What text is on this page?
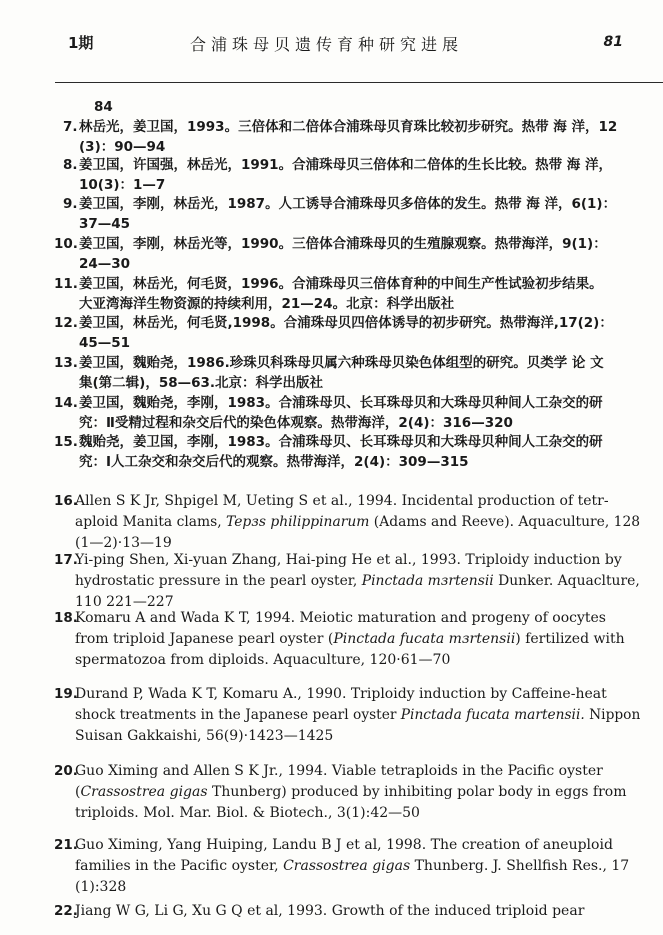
1期	合浦珠母贝遗传育种研究进展	81
84
7. 林岳光，姜卫国，1993。三倍体和二倍体合浦珠母贝育珠比较初步研究。热带 海 洋，12
(3)：90—94
8. 姜卫国，许国强，林岳光，1991。合浦珠母贝三倍体和二倍体的生长比较。热带 海 洋，
10(3)：1—7
9. 姜卫国，李刚，林岳光，1987。人工诱导合浦珠母贝多倍体的发生。热带 海 洋，6(1)：
37—45
10. 姜卫国，李刚，林岳光等，1990。三倍体合浦珠母贝的生殖腺观察。热带海洋，9(1)：
24—30
11. 姜卫国，林岳光，何毛贤，1996。合浦珠母贝三倍体育种的中间生产性试验初步结果。
大亚湾海洋生物资源的持续利用，21—24。北京：科学出版社
12. 姜卫国，林岳光，何毛贤,1998。合浦珠母贝四倍体诱导的初步研究。热带海洋,17(2)：
45—51
13. 姜卫国，魏贻尧，1986.珍珠贝科珠母贝属六种珠母贝染色体组型的研究。贝类学 论 文
集(第二辑)，58—63.北京：科学出版社
14. 姜卫国，魏贻尧，李刚，1983。合浦珠母贝、长耳珠母贝和大珠母贝种间人工杂交的研
究：Ⅱ受精过程和杂交后代的染色体观察。热带海洋，2(4)：316—320
15. 魏贻尧，姜卫国，李刚，1983。合浦珠母贝、长耳珠母贝和大珠母贝种间人工杂交的研
究：Ⅰ人工杂交和杂交后代的观察。热带海洋，2(4)：309—315
16.
Allen S K Jr, Shpigel M, Ueting S et al., 1994. Incidental production of tetr-
aploid Manita clams, Tepзs philippinarum (Adams and Reeve). Aquaculture, 128
(1—2)·13—19
17.
Yi-ping Shen, Xi-yuan Zhang, Hai-ping He et al., 1993. Triploidy induction by
hydrostatic pressure in the pearl oyster, Pinctada mзrtensii Dunker. Aquaclture,
110 221—227
18.
Komaru A and Wada K T, 1994. Meiotic maturation and progeny of oocytes
from triploid Japanese pearl oyster (Pinctada fucata mзrtensii) fertilized with
spermatozoa from diploids. Aquaculture, 120·61—70
19.
Durand P, Wada K T, Komaru A., 1990. Triploidy induction by Caffeine-heat
shock treatments in the Japanese pearl oyster Pinctada fucata martensii. Nippon
Suisan Gakkaishi, 56(9)·1423—1425
20.
Guo Ximing and Allen S K Jr., 1994. Viable tetraploids in the Pacific oyster
(Crassostrea gigas Thunberg) produced by inhibiting polar body in eggs from
triploids. Mol. Mar. Biol. & Biotech., 3(1):42—50
21.
Guo Ximing, Yang Huiping, Landu B J et al, 1998. The creation of aneuploid
families in the Pacific oyster, Crassostrea gigas Thunberg. J. Shellfish Res., 17
(1):328
22.
Jiang W G, Li G, Xu G Q et al, 1993. Growth of the induced triploid pear
